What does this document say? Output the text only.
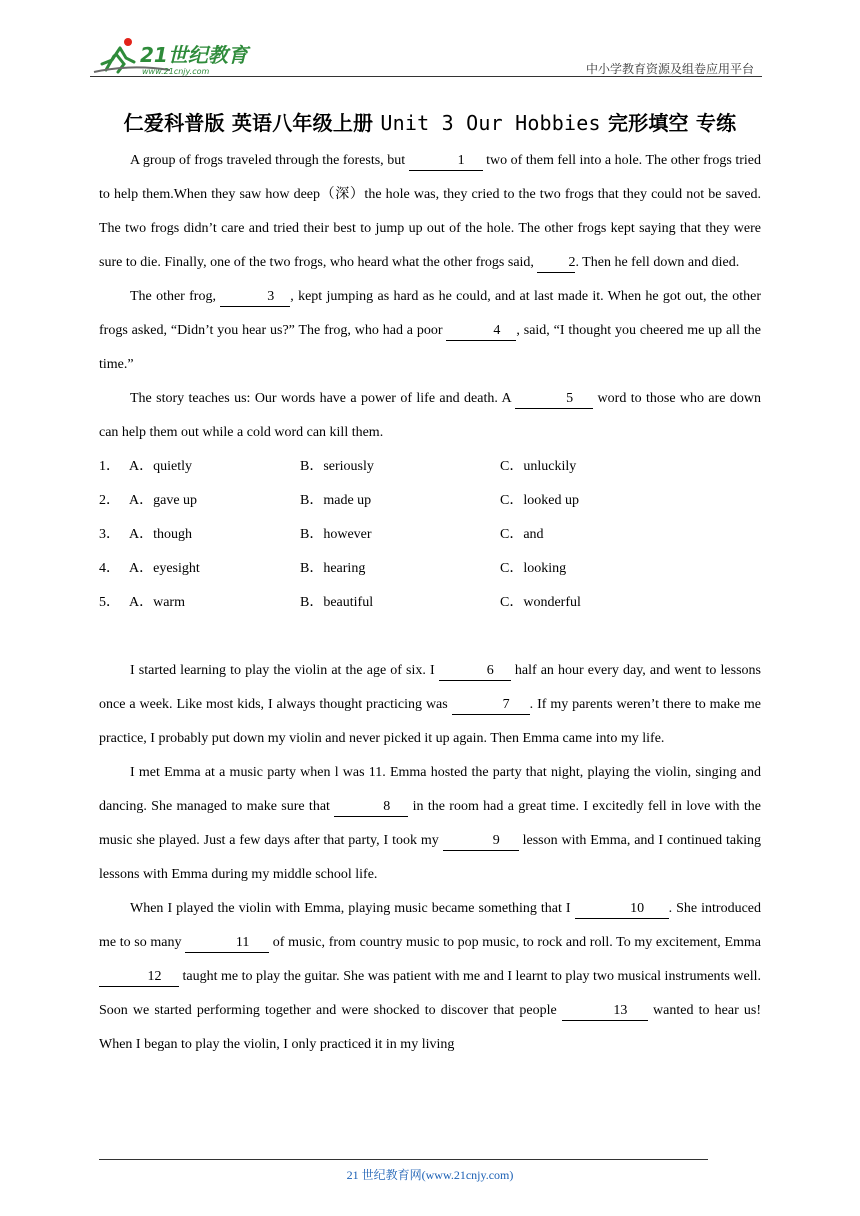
21世纪教育
www.21cnjy.com	中小学教育资源及组卷应用平台
仁爱科普版 英语八年级上册 Unit 3 Our Hobbies 完形填空 专练

A group of frogs traveled through the forests, but	1 two of them fell into a hole. The other frogs tried to help them.When they saw how deep（深）the hole was, they cried to the two frogs that they could not be saved. The two frogs didn’t care and tried their best to jump up out of the hole. The other frogs kept saying that they were sure to die. Finally, one of the two frogs, who heard what the other frogs said, 2. Then he fell down and died.

The other frog,	3 , kept jumping as hard as he could, and at last made it. When he got out, the other frogs asked, “Didn’t you hear us?” The frog, who had a poor	4 , said, “I thought you cheered me up all the time.”

The story teaches us: Our words have a power of life and death. A	5 word to those who are down can help them out while a cold word can kill them.

1． A．quietly	B．seriously	C．unluckily
2． A．gave up	B．made up	C．looked up
3． A．though	B．however	C．and
4． A．eyesight	B．hearing	C．looking
5． A．warm	B．beautiful	C．wonderful

I started learning to play the violin at the age of six. I	6 half an hour every day, and went to lessons once a week. Like most kids, I always thought practicing was	7 . If my parents weren’t there to make me practice, I probably put down my violin and never picked it up again. Then Emma came into my life.

I met Emma at a music party when l was 11. Emma hosted the party that night, playing the violin, singing and dancing. She managed to make sure that	8 in the room had a great time. I excitedly fell in love with the music she played. Just a few days after that party, I took my	9 lesson with Emma, and I continued taking lessons with Emma during my middle school life.

When I played the violin with Emma, playing music became something that I	10 . She introduced me to so many	11 of music, from country music to pop music, to rock and roll. To my excitement, Emma 12 taught me to play the guitar. She was patient with me and I learnt to play two musical instruments well. Soon we started performing together and were shocked to discover that people	13 wanted to hear us! When I began to play the violin, I only practiced it in my living

21 世纪教育网(www.21cnjy.com)
